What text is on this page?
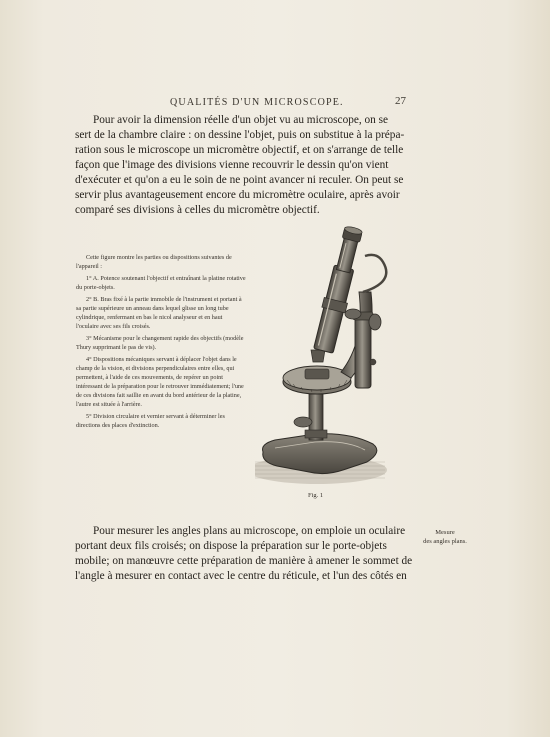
QUALITÉS D'UN MICROSCOPE.	27
Pour avoir la dimension réelle d'un objet vu au microscope, on se
sert de la chambre claire : on dessine l'objet, puis on substitue à la prépa-
ration sous le microscope un micromètre objectif, et on s'arrange de telle
façon que l'image des divisions vienne recouvrir le dessin qu'on vient
d'exécuter et qu'on a eu le soin de ne point avancer ni reculer. On peut se
servir plus avantageusement encore du micromètre oculaire, après avoir
comparé ses divisions à celles du micromètre objectif.

Cette figure montre les parties ou dispositions suivantes de l'appareil :

1° A. Potence soutenant l'objectif et entraînant la platine rotative du porte-objets.

2° B. Bras fixé à la partie immobile de l'instrument et portant à sa partie supérieure un anneau dans lequel glisse un long tube cylindrique, renfermant en bas le nicol analyseur et en haut l'oculaire avec ses fils croisés.

3° Mécanisme pour le changement rapide des objectifs (modèle Thury supprimant le pas de vis).

4° Dispositions mécaniques servant à déplacer l'objet dans le champ de la vision, et divisions perpendiculaires entre elles, qui permettent, à l'aide de ces mouvements, de repérer un point intéressant de la préparation pour le retrouver immédiatement; l'une de ces divisions fait saillie en avant du bord antérieur de la platine, l'autre est située à l'arrière.

5° Division circulaire et vernier servant à déterminer les directions des places d'extinction.

Fig. 1
Pour mesurer les angles plans au microscope, on emploie un oculaire
portant deux fils croisés; on dispose la préparation sur le porte-objets
mobile; on manœuvre cette préparation de manière à amener le sommet de
l'angle à mesurer en contact avec le centre du réticule, et l'un des côtés en
Mesure
des angles plans.
